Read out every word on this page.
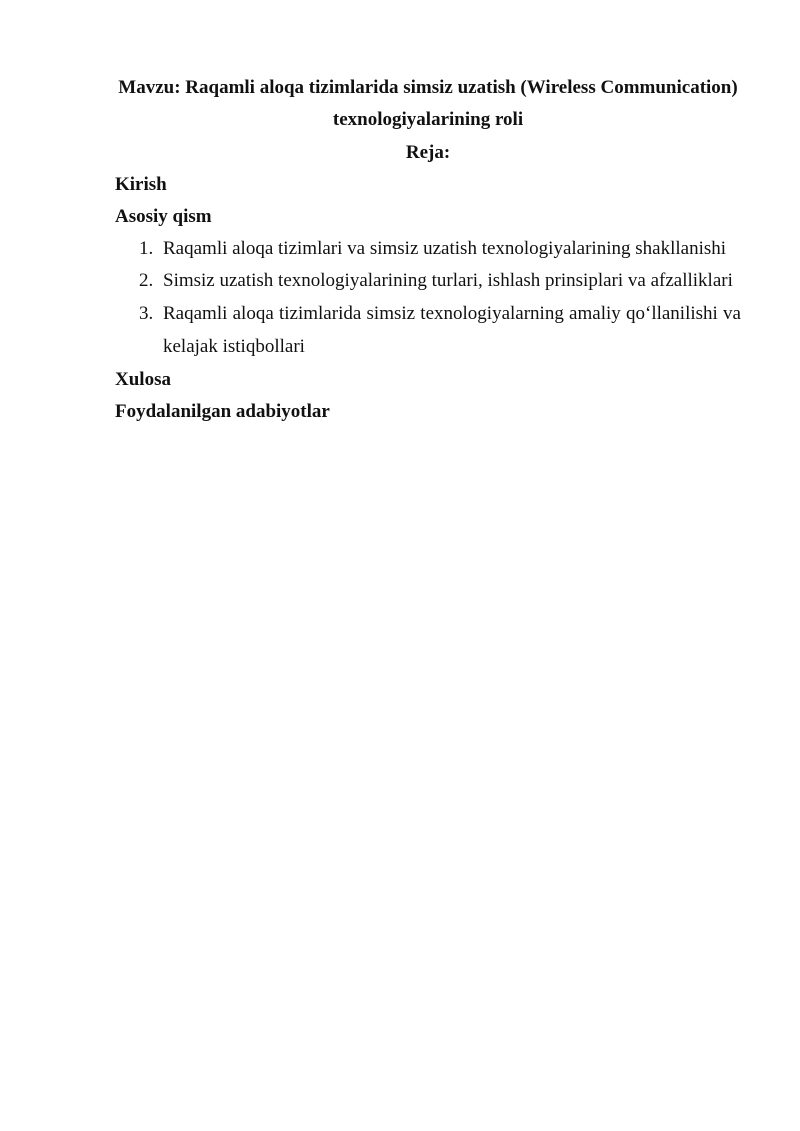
Mavzu: Raqamli aloqa tizimlarida simsiz uzatish (Wireless Communication)
texnologiyalarining roli
Reja:
Kirish
Asosiy qism
1. Raqamli aloqa tizimlari va simsiz uzatish texnologiyalarining shakllanishi
2. Simsiz uzatish texnologiyalarining turlari, ishlash prinsiplari va afzalliklari
3. Raqamli aloqa tizimlarida simsiz texnologiyalarning amaliy qo‘llanilishi va
kelajak istiqbollari
Xulosa
Foydalanilgan adabiyotlar
